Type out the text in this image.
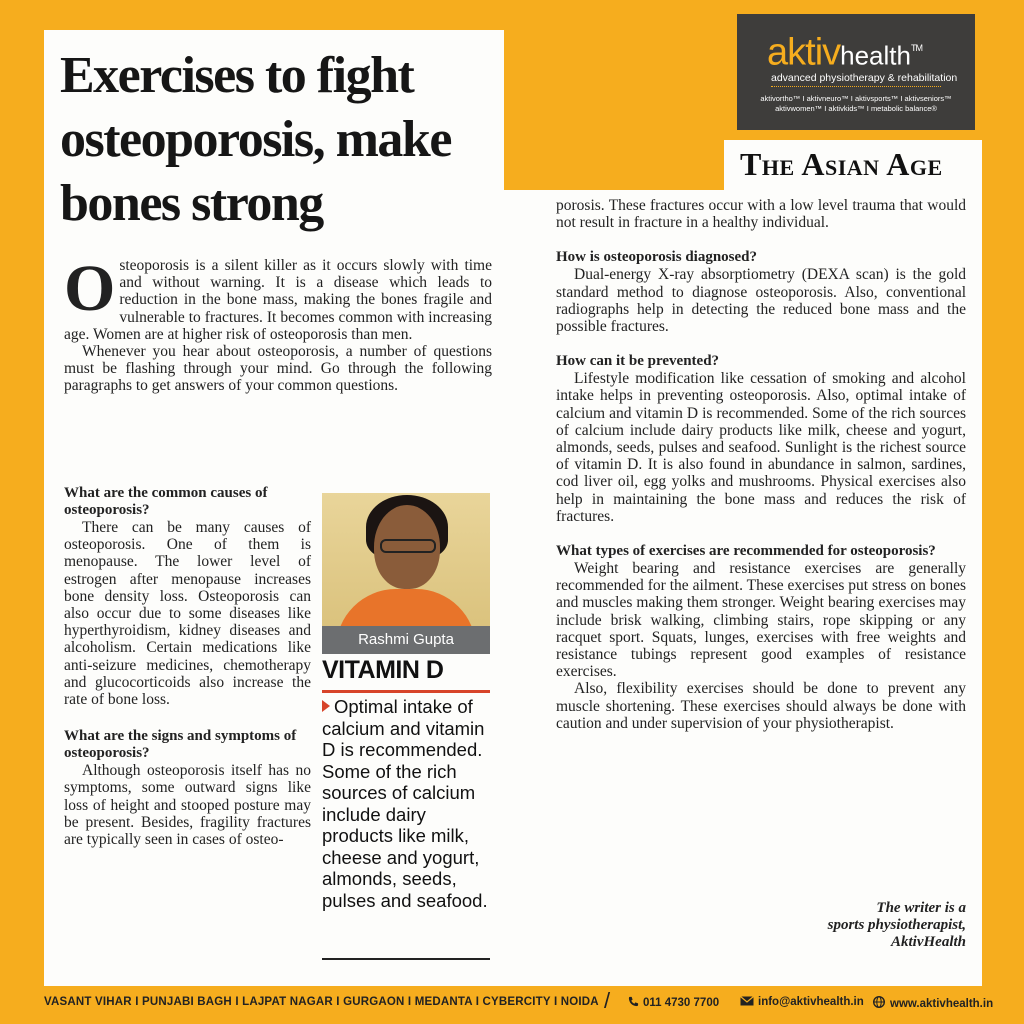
aktivhealth™
advanced physiotherapy & rehabilitation
aktivortho™ I aktivneuro™ I aktivsports™ I aktivseniors™
aktivwomen™ I aktivkids™ I metabolic balance®
The Asian Age
Exercises to fight osteoporosis, make bones strong

Osteoporosis is a silent killer as it occurs slowly with time and without warning. It is a disease which leads to reduction in the bone mass, making the bones fragile and vulnerable to fractures. It becomes common with increasing age. Women are at higher risk of osteoporosis than men.

Whenever you hear about osteoporosis, a number of questions must be flashing through your mind. Go through the following paragraphs to get answers of your common questions.

What are the common causes of osteoporosis?

There can be many causes of osteoporosis. One of them is menopause. The lower level of estrogen after menopause increases bone density loss. Osteoporosis can also occur due to some diseases like hyperthyroidism, kidney diseases and alcoholism. Certain medications like anti-seizure medicines, chemotherapy and glucocorticoids also increase the rate of bone loss.

What are the signs and symptoms of osteoporosis?

Although osteoporosis itself has no symptoms, some outward signs like loss of height and stooped posture may be present. Besides, fragility fractures are typically seen in cases of osteo-

Rashmi Gupta
VITAMIN D
Optimal intake of calcium and vitamin D is recommended. Some of the rich sources of calcium include dairy products like milk, cheese and yogurt, almonds, seeds, pulses and seafood.

porosis. These fractures occur with a low level trauma that would not result in fracture in a healthy individual.

How is osteoporosis diagnosed?

Dual-energy X-ray absorptiometry (DEXA scan) is the gold standard method to diagnose osteoporosis. Also, conventional radiographs help in detecting the reduced bone mass and the possible fractures.

How can it be prevented?

Lifestyle modification like cessation of smoking and alcohol intake helps in preventing osteoporosis. Also, optimal intake of calcium and vitamin D is recommended. Some of the rich sources of calcium include dairy products like milk, cheese and yogurt, almonds, seeds, pulses and seafood. Sunlight is the richest source of vitamin D. It is also found in abundance in salmon, sardines, cod liver oil, egg yolks and mushrooms. Physical exercises also help in maintaining the bone mass and reduces the risk of fractures.

What types of exercises are recommended for osteoporosis?

Weight bearing and resistance exercises are generally recommended for the ailment. These exercises put stress on bones and muscles making them stronger. Weight bearing exercises may include brisk walking, climbing stairs, rope skipping or any racquet sport. Squats, lunges, exercises with free weights and resistance tubings represent good examples of resistance exercises.

Also, flexibility exercises should be done to prevent any muscle shortening. These exercises should always be done with caution and under supervision of your physiotherapist.

The writer is a
sports physiotherapist,
AktivHealth
VASANT VIHAR I PUNJABI BAGH I LAJPAT NAGAR I GURGAON I MEDANTA I CYBERCITY I NOIDA /	011 4730 7700	info@aktivhealth.in	www.aktivhealth.in
